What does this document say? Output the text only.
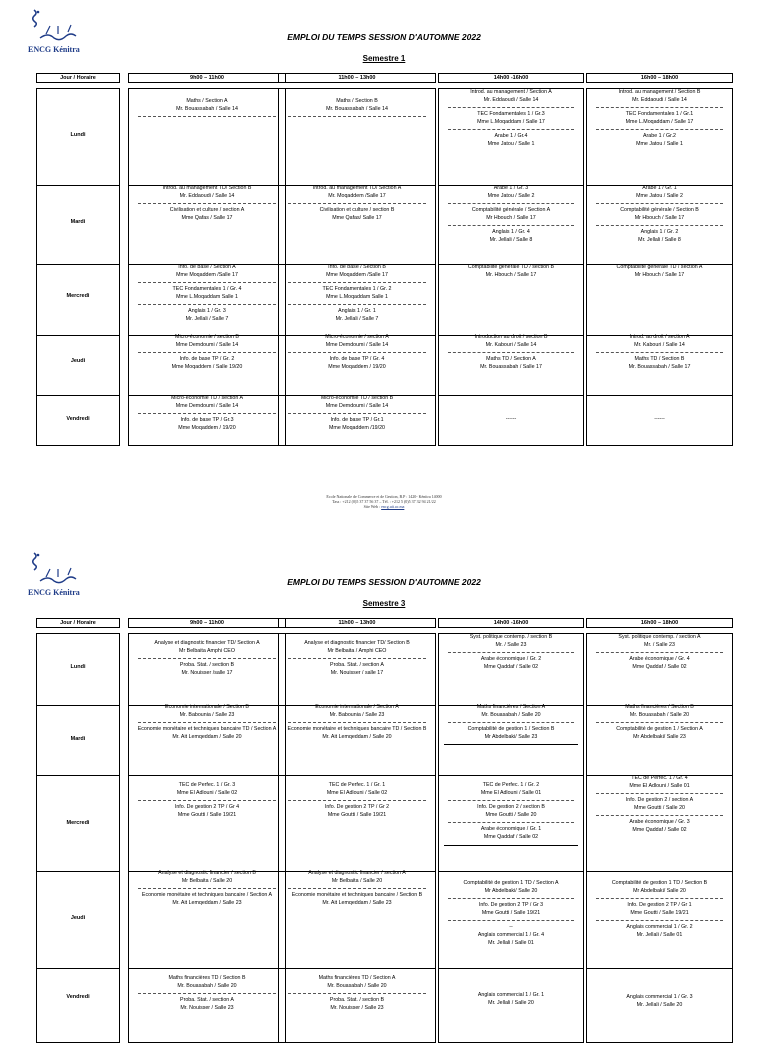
ENCG Kénitra
EMPLOI DU TEMPS SESSION D'AUTOMNE 2022
Semestre 1
Jour / Horaire
Lundi
Mardi
Mercredi
Jeudi
Vendredi
9h00 – 11h00
Maths / Section A
Mr. Bouassabah / Salle 14
Introd. au management TD/ Section B
Mr. Eddaoudi / Salle 14
Civilisation et culture / section A
Mme Qafas / Salle 17
Info. de base / Section A
Mme Moqaddem /Salle 17
TEC Fondamentales 1 / Gr. 4
Mme L.Moqaddam Salle 1
Anglais 1 / Gr. 3
Mr. Jellali / Salle 7
Micro-économie / section B
Mme Demdoumi / Salle 14
Info. de base TP / Gr. 2
Mme Moqaddem / Salle 19/20
Micro-économie TD / section A
Mme Demdoumi / Salle 14
Info. de base TP / Gr.3
Mme Moqaddem / 19/20
11h00 – 13h00
Maths / Section B
Mr. Bouassabah / Salle 14
Introd. au management TD/ Section A
Mr. Moqaddem /Salle 17
Civilisation et culture / section B
Mme Qafas/ Salle 17
Info. de base / Section B
Mme Moqaddem /Salle 17
TEC Fondamentales 1 / Gr. 2
Mme L.Moqaddam Salle 1
Anglais 1 / Gr. 1
Mr. Jellali / Salle 7
Micro-économie / section A
Mme Demdoumi / Salle 14
Info. de base TP / Gr. 4
Mme Moqaddem / 19/20
Micro-économie TD / section B
Mme Demdoumi / Salle 14
Info. de base TP / Gr.1
Mme Moqaddem /19/20
14h00 -16h00
Introd. au management / Section A
Mr. Eddaoudi / Salle 14
TEC Fondamentales 1 / Gr.3
Mme L.Moqaddam / Salle 17
Arabe 1 / Gr.4
Mme Jatou / Salle 1
Arabe 1 / Gr. 3
Mme Jatou / Salle 2
Comptabilité générale / Section A
Mr Hbouch / Salle 17
Anglais 1 / Gr. 4
Mr. Jellali / Salle 8
Comptabilité générale TD / section B
Mr. Hbouch / Salle 17
Introduction au droit / section B
Mr. Kabouri / Salle 14
Maths TD / Section A
Mr. Bouassabah / Salle 17
------
16h00 – 18h00
Introd. au management / Section B
Mr. Eddaoudi / Salle 14
TEC Fondamentales 1 / Gr.1
Mme L.Moqaddam / Salle 17
Arabe 1 / Gr.2
Mme Jatou / Salle 1
Arabe 1 / Gr. 1
Mme Jatou / Salle 2
Comptabilité générale / Section B
Mr Hbouch / Salle 17
Anglais 1 / Gr. 2
Mr. Jellali / Salle 8
Comptabilité générale TD / section A
Mr Hbouch / Salle 17
Introd. au droit / section A
Mr. Kabouri / Salle 14
Maths TD / Section B
Mr. Bouassabah / Salle 17
------
Ecole Nationale de Commerce et de Gestion, B.P : 1420- Kénitra 14000
Tass : +212 (0)5 37 37 56 37 – Tél. : +212 5 (0)5 37 32 94 21/22
Site Web : encg.uit.ac.ma
ENCG Kénitra
EMPLOI DU TEMPS SESSION D'AUTOMNE 2022
Semestre 3
Jour / Horaire
Lundi
Mardi
Mercredi
Jeudi
Vendredi
9h00 – 11h00
Analyse et diagnostic financier TD/ Section A
Mr Belbaita Amphi CEO
Proba. Stat. / section B
Mr. Nouisser /salle 17
Economie internationale / Section B
Mr. Babounia / Salle 23
Economie monétaire et techniques bancaire TD / Section A
Mr. Ait Lemqeddam / Salle 20
TEC de Perfec. 1 / Gr. 3
Mme El Adlouni / Salle 02
Info. De gestion 2 TP / Gr 4
Mme Goutti / Salle 19/21
Analyse et diagnostic financier / section B
Mr Belbaita / Salle 20
Economie monétaire et techniques bancaire / Section A
Mr. Ait Lemqeddam / Salle 23
Maths financières TD / Section B
Mr. Bouasabah / Salle 20
Proba. Stat. / section A
Mr. Nouisser / Salle 23
11h00 – 13h00
Analyse et diagnostic financier TD/ Section B
Mr Belbaita / Amphi CEO
Proba. Stat. / section A
Mr. Nouisser / salle 17
Economie internationale / Section A
Mr. Babounia / Salle 23
Economie monétaire et techniques bancaire TD / Section B
Mr. Ait Lemqeddam / Salle 20
TEC de Perfec. 1 / Gr. 1
Mme El Adlouni / Salle 02
Info. De gestion 2 TP / Gr 2
Mme Goutti / Salle 19/21
Analyse et diagnostic financier / section A
Mr Belbaita / Salle 20
Economie monétaire et techniques bancaire / Section B
Mr. Ait Lemqeddam / Salle 23
Maths financières TD / Section A
Mr. Bouasabah / Salle 20
Proba. Stat. / section B
Mr. Nouisser / Salle 23
14h00 -16h00
Syst. politique contemp. / section B
Mr. / Salle 23
Arabe économique / Gr. 2
Mme Qaddaf / Salle 02
Maths financières / Section A
Mr. Bouasabah / Salle 20
Comptabilité de gestion 1 / Section B
Mr Abdelbaki/ Salle 23
TEC de Perfec. 1 / Gr. 2
Mme El Adlouni / Salle 01
Info. De gestion 2 / section B
Mme Goutti / Salle 20
Arabe économique / Gr. 1
Mme Qaddaf / Salle 02
Comptabilité de gestion 1 TD / Section A
Mr Abdelbaki/ Salle 20
Info. De gestion 2 TP / Gr 3
Mme Goutti / Salle 19/21
--
Anglais commercial 1 / Gr. 4
Mr. Jellali / Salle 01
Anglais commercial 1 / Gr. 1
Mr. Jellali / Salle 20
16h00 – 18h00
Syst. politique contemp. / section A
Mr. / Salle 23
Arabe économique / Gr. 4
Mme Qaddaf / Salle 02
Maths financières / Section B
Mr. Bouasabah / Salle 20
Comptabilité de gestion 1 / Section A
Mr Abdelbaki/ Salle 23
TEC de Perfec. 1 / Gr. 4
Mme El Adlouni / Salle 01
Info. De gestion 2 / section A
Mme Goutti / Salle 20
Arabe économique / Gr. 3
Mme Qaddaf / Salle 02
Comptabilité de gestion 1 TD / Section B
Mr Abdelbaki/ Salle 20
Info. De gestion 2 TP / Gr 1
Mme Goutti / Salle 19/21
Anglais commercial 1 / Gr. 2
Mr. Jellali / Salle 01
Anglais commercial 1 / Gr. 3
Mr. Jellali / Salle 20
